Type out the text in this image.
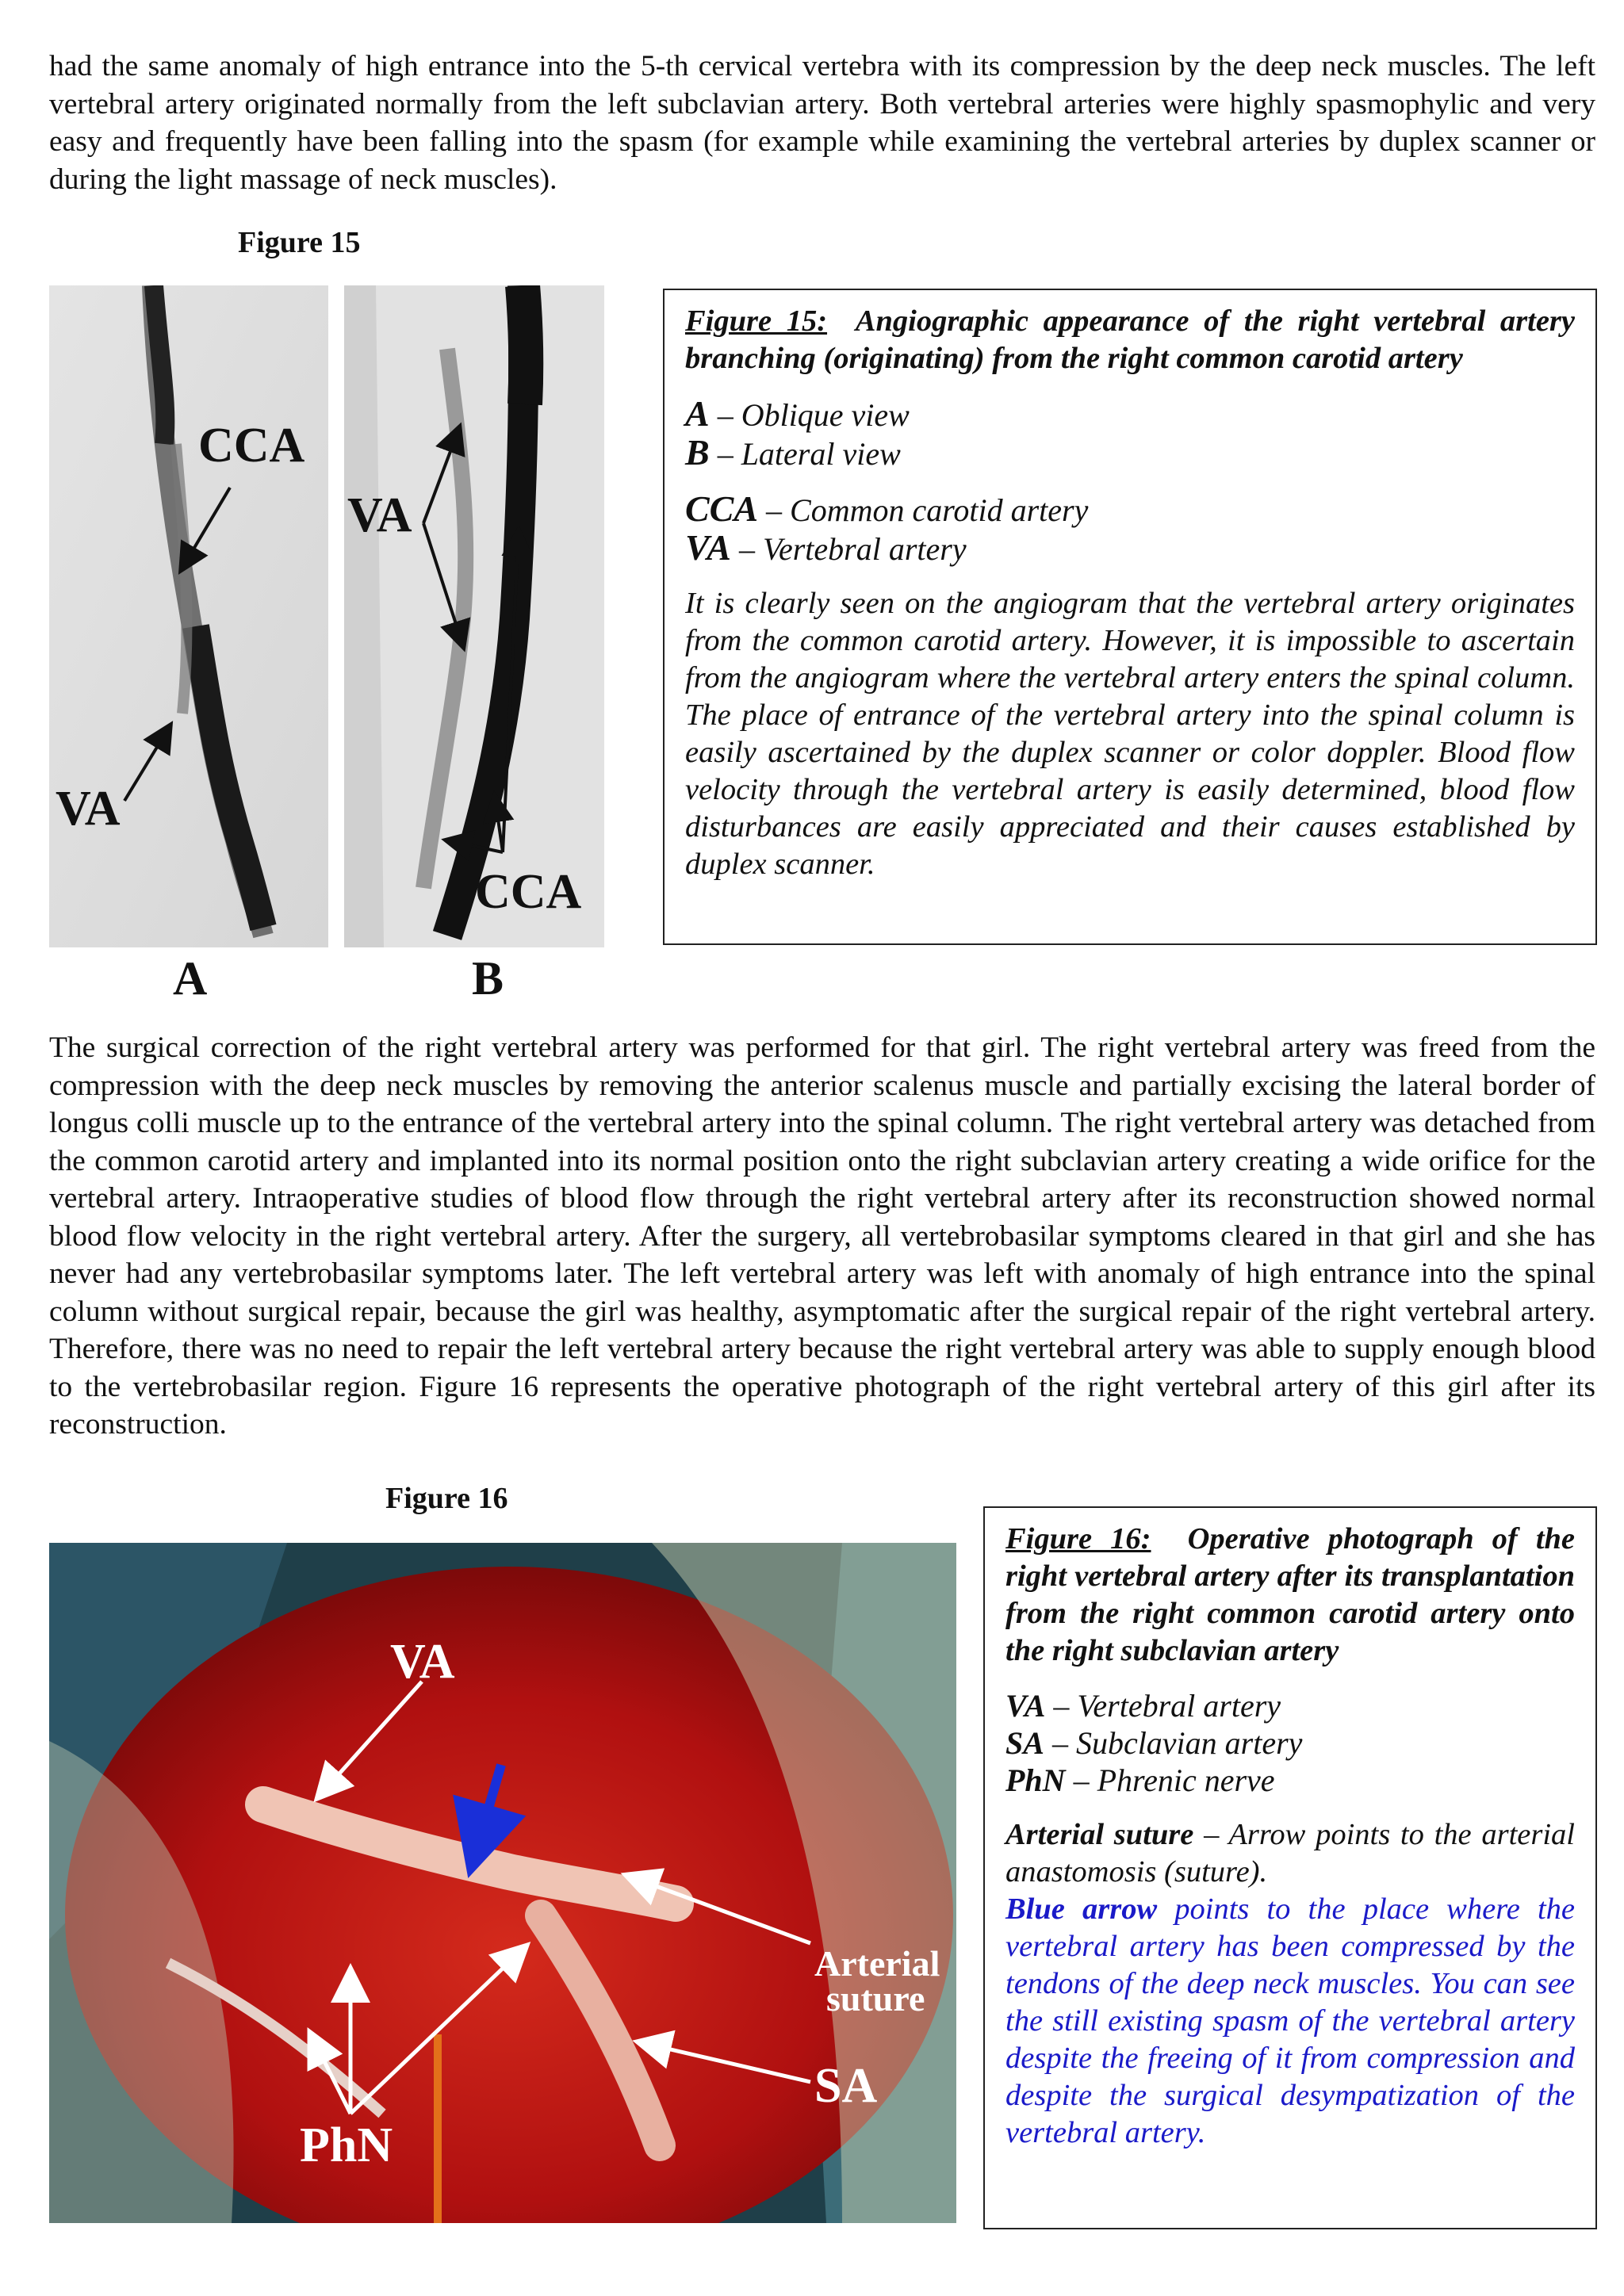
had the same anomaly of high entrance into the 5-th cervical vertebra with its compression by the deep neck muscles. The left vertebral artery originated normally from the left subclavian artery. Both vertebral arteries were highly spasmophylic and very easy and frequently have been falling into the spasm (for example while examining the vertebral arteries by duplex scanner or during the light massage of neck muscles).

Figure 15
CCA
VA
A
VA
CCA
B

Figure 15: Angiographic appearance of the right vertebral artery branching (originating) from the right common carotid artery

A – Oblique view

B – Lateral view

CCA – Common carotid artery

VA – Vertebral artery

It is clearly seen on the angiogram that the vertebral artery originates from the common carotid artery. However, it is impossible to ascertain from the angiogram where the vertebral artery enters the spinal column. The place of entrance of the vertebral artery into the spinal column is easily ascertained by the duplex scanner or color doppler. Blood flow velocity through the vertebral artery is easily determined, blood flow disturbances are easily appreciated and their causes established by duplex scanner.

The surgical correction of the right vertebral artery was performed for that girl. The right vertebral artery was freed from the compression with the deep neck muscles by removing the anterior scalenus muscle and partially excising the lateral border of longus colli muscle up to the entrance of the vertebral artery into the spinal column. The right vertebral artery was detached from the common carotid artery and implanted into its normal position onto the right subclavian artery creating a wide orifice for the vertebral artery. Intraoperative studies of blood flow through the right vertebral artery after its reconstruction showed normal blood flow velocity in the right vertebral artery. After the surgery, all vertebrobasilar symptoms cleared in that girl and she has never had any vertebrobasilar symptoms later. The left vertebral artery was left with anomaly of high entrance into the spinal column without surgical repair, because the girl was healthy, asymptomatic after the surgical repair of the right vertebral artery. Therefore, there was no need to repair the left vertebral artery because the right vertebral artery was able to supply enough blood to the vertebrobasilar region. Figure 16 represents the operative photograph of the right vertebral artery of this girl after its reconstruction.

Figure 16
VA
Arterial
suture
SA
PhN

Figure 16: Operative photograph of the right vertebral artery after its transplantation from the right common carotid artery onto the right subclavian artery

VA – Vertebral artery

SA – Subclavian artery

PhN – Phrenic nerve

Arterial suture – Arrow points to the arterial anastomosis (suture).

Blue arrow points to the place where the vertebral artery has been compressed by the tendons of the deep neck muscles. You can see the still existing spasm of the vertebral artery despite the freeing of it from compression and despite the surgical desympatization of the vertebral artery.
